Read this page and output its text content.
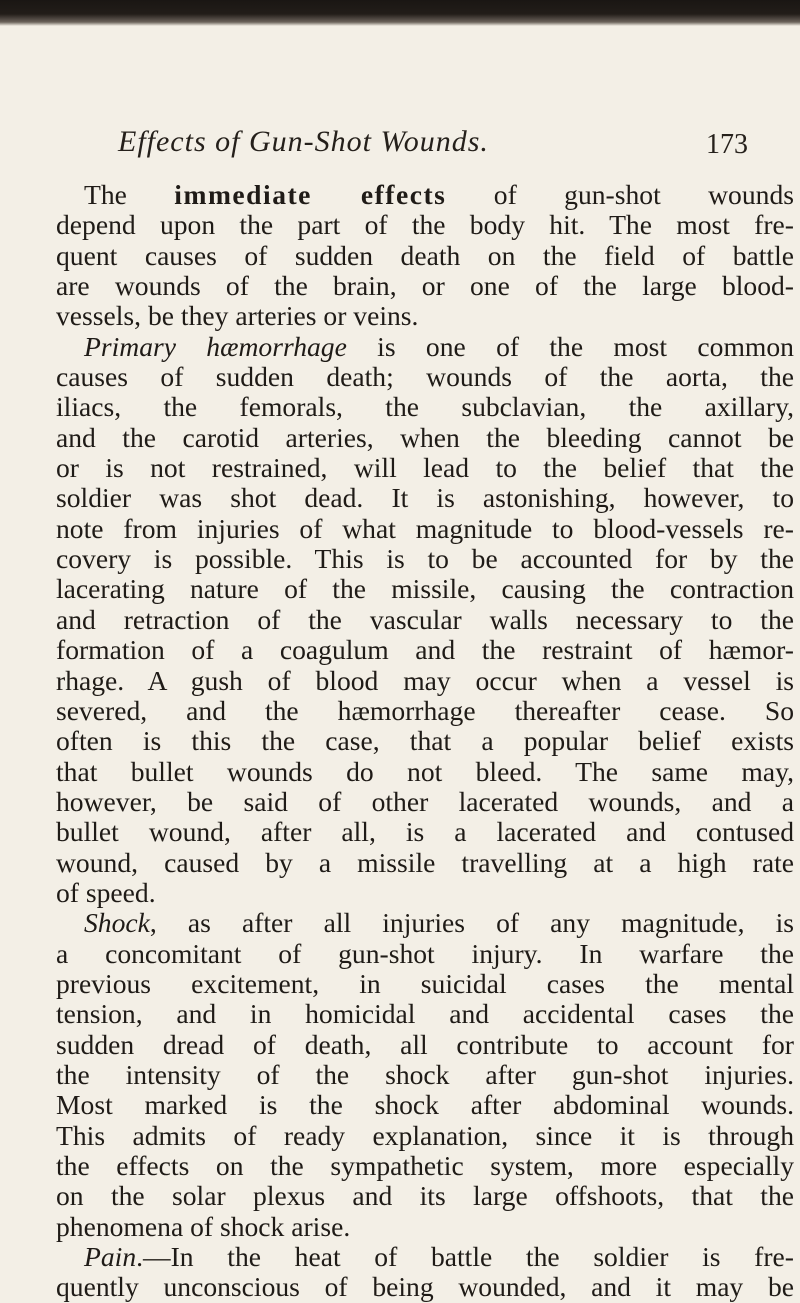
Effects of Gun-Shot Wounds.	173
The immediate effects of gun-shot wounds
depend upon the part of the body hit. The most fre-
quent causes of sudden death on the field of battle
are wounds of the brain, or one of the large blood-
vessels, be they arteries or veins.
Primary hæmorrhage is one of the most common
causes of sudden death; wounds of the aorta, the
iliacs, the femorals, the subclavian, the axillary,
and the carotid arteries, when the bleeding cannot be
or is not restrained, will lead to the belief that the
soldier was shot dead. It is astonishing, however, to
note from injuries of what magnitude to blood-vessels re-
covery is possible. This is to be accounted for by the
lacerating nature of the missile, causing the contraction
and retraction of the vascular walls necessary to the
formation of a coagulum and the restraint of hæmor-
rhage. A gush of blood may occur when a vessel is
severed, and the hæmorrhage thereafter cease. So
often is this the case, that a popular belief exists
that bullet wounds do not bleed. The same may,
however, be said of other lacerated wounds, and a
bullet wound, after all, is a lacerated and contused
wound, caused by a missile travelling at a high rate
of speed.
Shock, as after all injuries of any magnitude, is
a concomitant of gun-shot injury. In warfare the
previous excitement, in suicidal cases the mental
tension, and in homicidal and accidental cases the
sudden dread of death, all contribute to account for
the intensity of the shock after gun-shot injuries.
Most marked is the shock after abdominal wounds.
This admits of ready explanation, since it is through
the effects on the sympathetic system, more especially
on the solar plexus and its large offshoots, that the
phenomena of shock arise.
Pain.—In the heat of battle the soldier is fre-
quently unconscious of being wounded, and it may be
